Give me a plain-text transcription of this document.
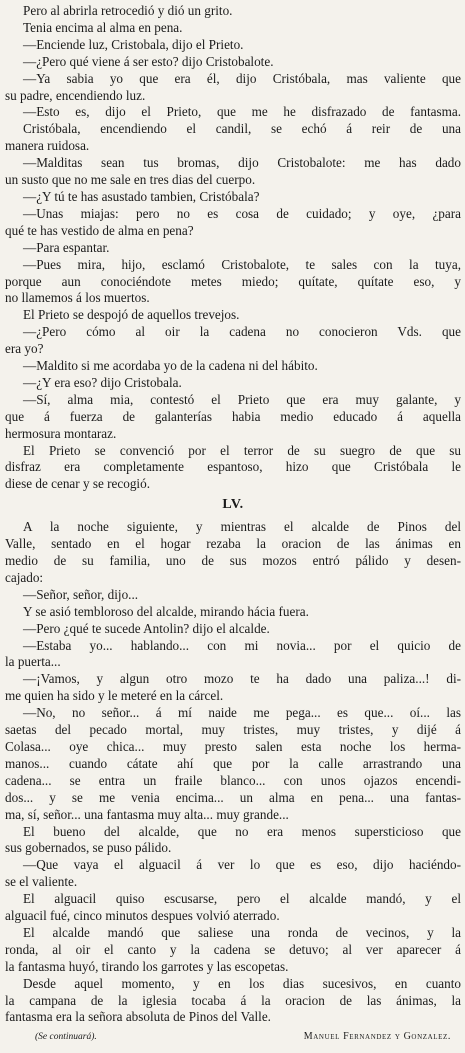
Pero al abrirla retrocedió y dió un grito.
Tenia encima al alma en pena.
—Enciende luz, Cristobala, dijo el Prieto.
—¿Pero qué viene á ser esto? dijo Cristobalote.
—Ya sabia yo que era él, dijo Cristóbala, mas valiente que
su padre, encendiendo luz.
—Esto es, dijo el Prieto, que me he disfrazado de fantasma.
Cristóbala, encendiendo el candil, se echó á reir de una
manera ruidosa.
—Malditas sean tus bromas, dijo Cristobalote: me has dado
un susto que no me sale en tres dias del cuerpo.
—¿Y tú te has asustado tambien, Cristóbala?
—Unas miajas: pero no es cosa de cuidado; y oye, ¿para
qué te has vestido de alma en pena?
—Para espantar.
—Pues mira, hijo, esclamó Cristobalote, te sales con la tuya,
porque aun conociéndote metes miedo; quítate, quítate eso, y
no llamemos á los muertos.
El Prieto se despojó de aquellos trevejos.
—¿Pero cómo al oir la cadena no conocieron Vds. que
era yo?
—Maldito si me acordaba yo de la cadena ni del hábito.
—¿Y era eso? dijo Cristobala.
—Sí, alma mia, contestó el Prieto que era muy galante, y
que á fuerza de galanterías habia medio educado á aquella
hermosura montaraz.
El Prieto se convenció por el terror de su suegro de que su
disfraz era completamente espantoso, hizo que Cristóbala le
diese de cenar y se recogió.
LV.
A la noche siguiente, y mientras el alcalde de Pinos del
Valle, sentado en el hogar rezaba la oracion de las ánimas en
medio de su familia, uno de sus mozos entró pálido y desen-
cajado:
—Señor, señor, dijo...
Y se asió tembloroso del alcalde, mirando hácia fuera.
—Pero ¿qué te sucede Antolin? dijo el alcalde.
—Estaba yo... hablando... con mi novia... por el quicio de
la puerta...
—¡Vamos, y algun otro mozo te ha dado una paliza...! di-
me quien ha sido y le meteré en la cárcel.
—No, no señor... á mí naide me pega... es que... oí... las
saetas del pecado mortal, muy tristes, muy tristes, y dijé á
Colasa... oye chica... muy presto salen esta noche los herma-
manos... cuando cátate ahí que por la calle arrastrando una
cadena... se entra un fraile blanco... con unos ojazos encendi-
dos... y se me venia encima... un alma en pena... una fantas-
ma, sí, señor... una fantasma muy alta... muy grande...
El bueno del alcalde, que no era menos supersticioso que
sus gobernados, se puso pálido.
—Que vaya el alguacil á ver lo que es eso, dijo haciéndo-
se el valiente.
El alguacil quiso escusarse, pero el alcalde mandó, y el
alguacil fué, cinco minutos despues volvió aterrado.
El alcalde mandó que saliese una ronda de vecinos, y la
ronda, al oir el canto y la cadena se detuvo; al ver aparecer á
la fantasma huyó, tirando los garrotes y las escopetas.
Desde aquel momento, y en los dias sucesivos, en cuanto
la campana de la iglesia tocaba á la oracion de las ánimas, la
fantasma era la señora absoluta de Pinos del Valle.
(Se continuará).	Manuel Fernandez y Gonzalez.
